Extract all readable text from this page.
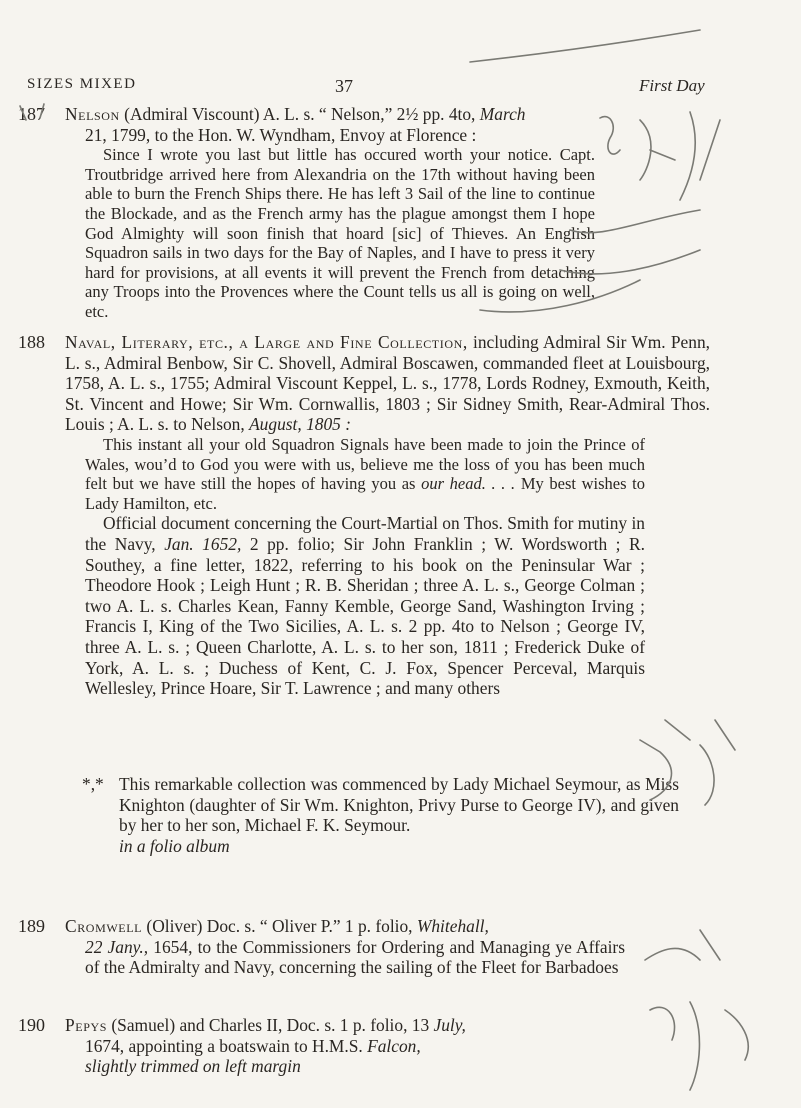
SIZES MIXED	37	First Day
187	Nelson (Admiral Viscount) A. L. s. “ Nelson,” 2½ pp. 4to, March

21, 1799, to the Hon. W. Wyndham, Envoy at Florence :

Since I wrote you last but little has occured worth your notice. Capt. Troutbridge arrived here from Alexandria on the 17th without having been able to burn the French Ships there. He has left 3 Sail of the line to continue the Blockade, and as the French army has the plague amongst them I hope God Almighty will soon finish that hoard [sic] of Thieves. An English Squadron sails in two days for the Bay of Naples, and I have to press it very hard for provisions, at all events it will prevent the French from detaching any Troops into the Provences where the Count tells us all is going on well, etc.

188	Naval, Literary, etc., a Large and Fine Collection, including Admiral Sir Wm. Penn, L. s., Admiral Benbow, Sir C. Shovell, Admiral Boscawen, commanded fleet at Louisbourg, 1758, A. L. s., 1755; Admiral Viscount Keppel, L. s., 1778, Lords Rodney, Exmouth, Keith, St. Vincent and Howe; Sir Wm. Cornwallis, 1803 ; Sir Sidney Smith, Rear-Admiral Thos. Louis ; A. L. s. to Nelson, August, 1805 :

This instant all your old Squadron Signals have been made to join the Prince of Wales, wou’d to God you were with us, believe me the loss of you has been much felt but we have still the hopes of having you as our head. . . . My best wishes to Lady Hamilton, etc.

Official document concerning the Court-Martial on Thos. Smith for mutiny in the Navy, Jan. 1652, 2 pp. folio; Sir John Franklin ; W. Wordsworth ; R. Southey, a fine letter, 1822, referring to his book on the Peninsular War ; Theodore Hook ; Leigh Hunt ; R. B. Sheridan ; three A. L. s., George Colman ; two A. L. s. Charles Kean, Fanny Kemble, George Sand, Washington Irving ; Francis I, King of the Two Sicilies, A. L. s. 2 pp. 4to to Nelson ; George IV, three A. L. s. ; Queen Charlotte, A. L. s. to her son, 1811 ; Frederick Duke of York, A. L. s. ; Duchess of Kent, C. J. Fox, Spencer Perceval, Marquis Wellesley, Prince Hoare, Sir T. Lawrence ; and many others

*,* This remarkable collection was commenced by Lady Michael Seymour, as Miss Knighton (daughter of Sir Wm. Knighton, Privy Purse to George IV), and given by her to her son, Michael F. K. Seymour.

in a folio album

189	Cromwell (Oliver) Doc. s. “ Oliver P.” 1 p. folio, Whitehall,

22 Jany., 1654, to the Commissioners for Ordering and Managing ye Affairs of the Admiralty and Navy, concerning the sailing of the Fleet for Barbadoes

190	Pepys (Samuel) and Charles II, Doc. s. 1 p. folio, 13 July,

1674, appointing a boatswain to H.M.S. Falcon,

slightly trimmed on left margin
